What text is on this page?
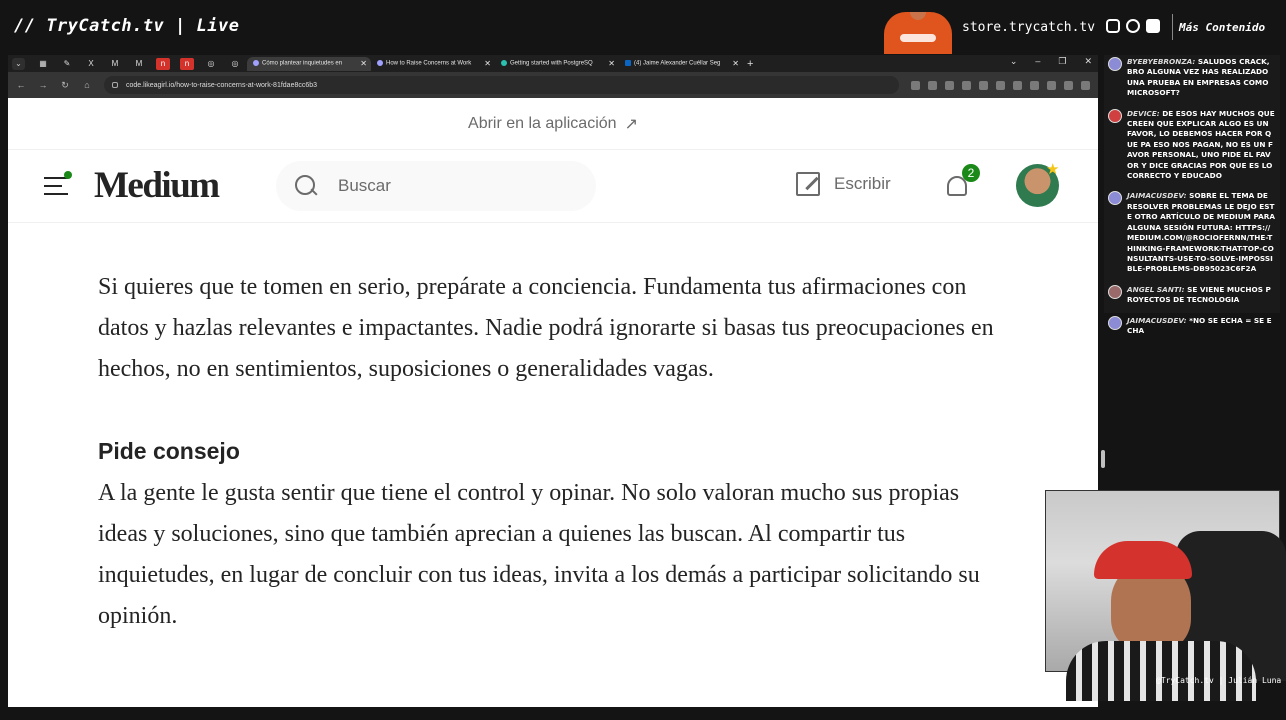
// TryCatch.tv | Live	store.trycatch.tv	Más Contenido
⌄	▦	✎	X	M	M	n	n	◎	◎	Cómo plantear inquietudes en ✕	How to Raise Concerns at Work ✕	Getting started with PostgreSQ ✕	(4) Jaime Alexander Cuéllar Seg ✕ +	⌄ – ❐ ✕
← → ↻ ⌂	code.likeagirl.io/how-to-raise-concerns-at-work-81fdae8cc6b3
Abrir en la aplicación ↗
Medium
Buscar	Escribir
2	★

Si quieres que te tomen en serio, prepárate a conciencia. Fundamenta tus afirmaciones con datos y hazlas relevantes e impactantes. Nadie podrá ignorarte si basas tus preocupaciones en hechos, no en sentimientos, suposiciones o generalidades vagas.

Pide consejo

A la gente le gusta sentir que tiene el control y opinar. No solo valoran mucho sus propias ideas y soluciones, sino que también aprecian a quienes las buscan. Al compartir tus inquietudes, en lugar de concluir con tus ideas, invita a los demás a participar solicitando su opinión.

BYEBYEBRONZA: SALUDOS CRACK, BRO ALGUNA VEZ HAS REALIZADO UNA PRUEBA EN EMPRESAS COMO MICROSOFT?
DEVICE: DE ESOS HAY MUCHOS QUE CREEN QUE EXPLICAR ALGO ES UN FAVOR, LO DEBEMOS HACER POR QUE PA ESO NOS PAGAN, NO ES UN FAVOR PERSONAL, UNO PIDE EL FAVOR Y DICE GRACIAS POR QUE ES LO CORRECTO Y EDUCADO
JAIMACUSDEV: SOBRE EL TEMA DE RESOLVER PROBLEMAS LE DEJO ESTE OTRO ARTÍCULO DE MEDIUM PARA ALGUNA SESIÓN FUTURA: HTTPS://MEDIUM.COM/@ROCIOFERNN/THE-THINKING-FRAMEWORK-THAT-TOP-CONSULTANTS-USE-TO-SOLVE-IMPOSSIBLE-PROBLEMS-DB95023C6F2A
ANGEL SANTI: SE VIENE MUCHOS PROYECTOS DE TECNOLOGIA
JAIMACUSDEV: *NO SE ECHA = SE ECHA
@TryCatch.tv | Julián Luna
